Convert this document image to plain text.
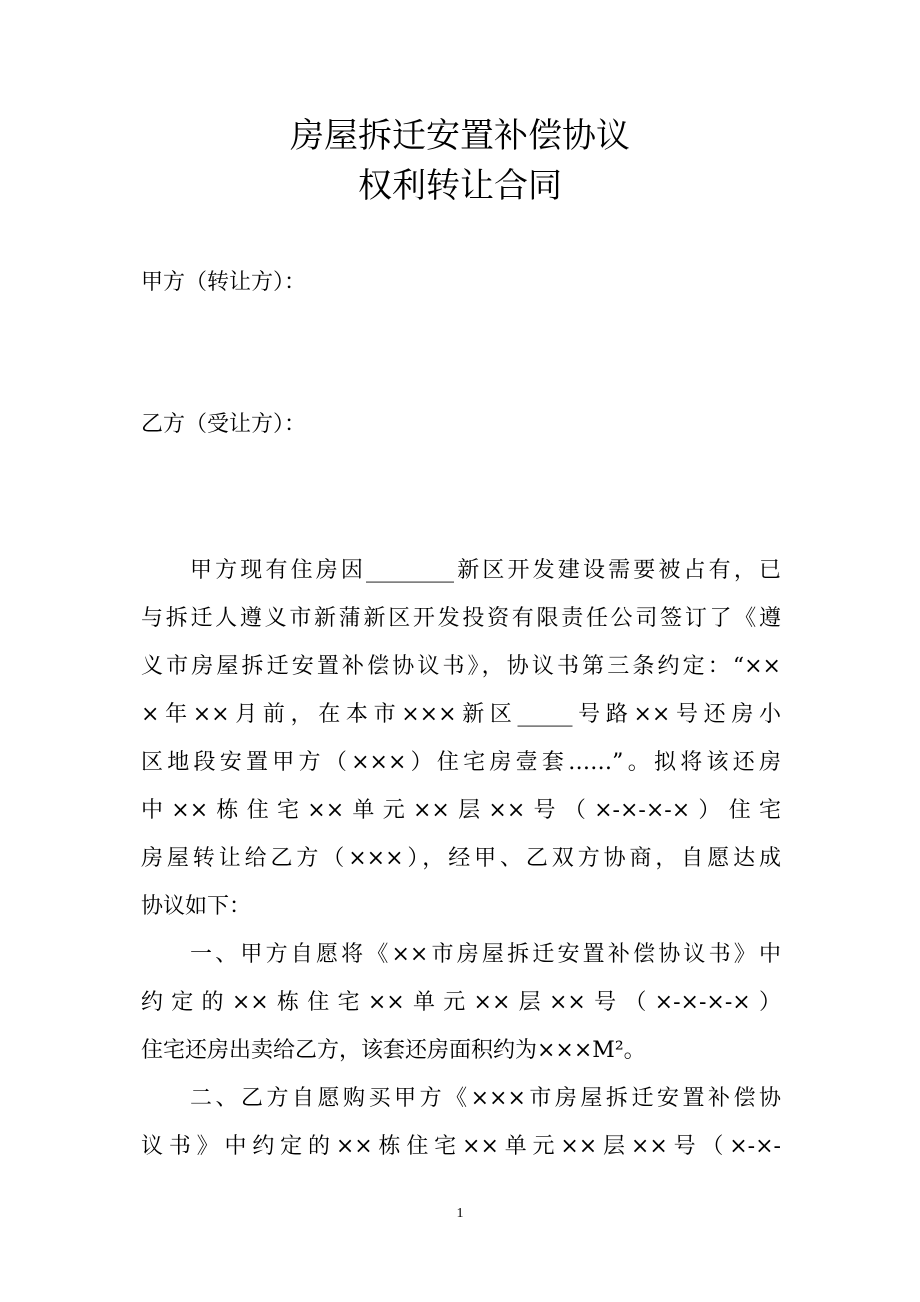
房屋拆迁安置补偿协议
权利转让合同
甲方（转让方）：
乙方（受让方）：
甲方现有住房因________新区开发建设需要被占有，已
与拆迁人遵义市新蒲新区开发投资有限责任公司签订了《遵
义市房屋拆迁安置补偿协议书》，协议书第三条约定：“××
×年××月前，在本市×××新区_____号路××号还房小
区地段安置甲方（×××）住宅房壹套……”。拟将该还房
中××栋住宅××单元××层××号（×-×-×-×）住宅
房屋转让给乙方（×××），经甲、乙双方协商，自愿达成
协议如下：
一、甲方自愿将《××市房屋拆迁安置补偿协议书》中
约定的××栋住宅××单元××层××号（×-×-×-×）
住宅还房出卖给乙方，该套还房面积约为×××M²。
二、乙方自愿购买甲方《×××市房屋拆迁安置补偿协
议书》中约定的××栋住宅××单元××层××号（×-×-
1
